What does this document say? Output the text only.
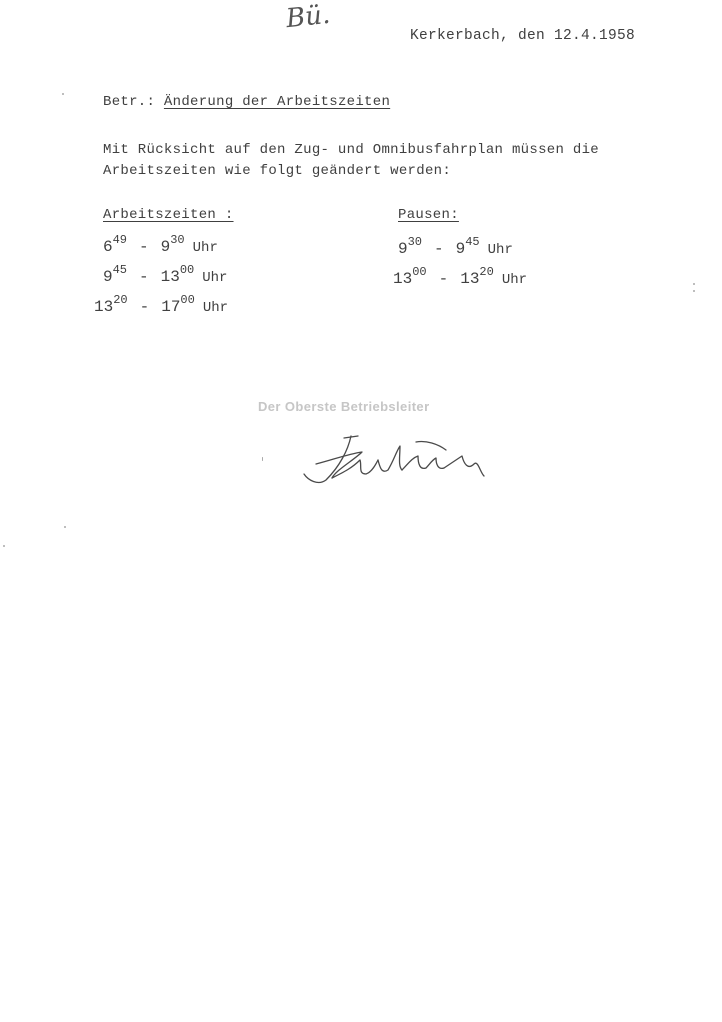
Bü.
Kerkerbach, den 12.4.1958
Betr.: Änderung der Arbeitszeiten
Mit Rücksicht auf den Zug- und Omnibusfahrplan müssen die
Arbeitszeiten wie folgt geändert werden:
Arbeitszeiten :	Pausen:
$6^{49} - 9^{30}$ Uhr
$9^{45} - 13^{00}$ Uhr
$13^{20} - 17^{00}$ Uhr
$9^{30} - 9^{45}$ Uhr
$13^{00} - 13^{20}$ Uhr
Der Oberste Betriebsleiter
